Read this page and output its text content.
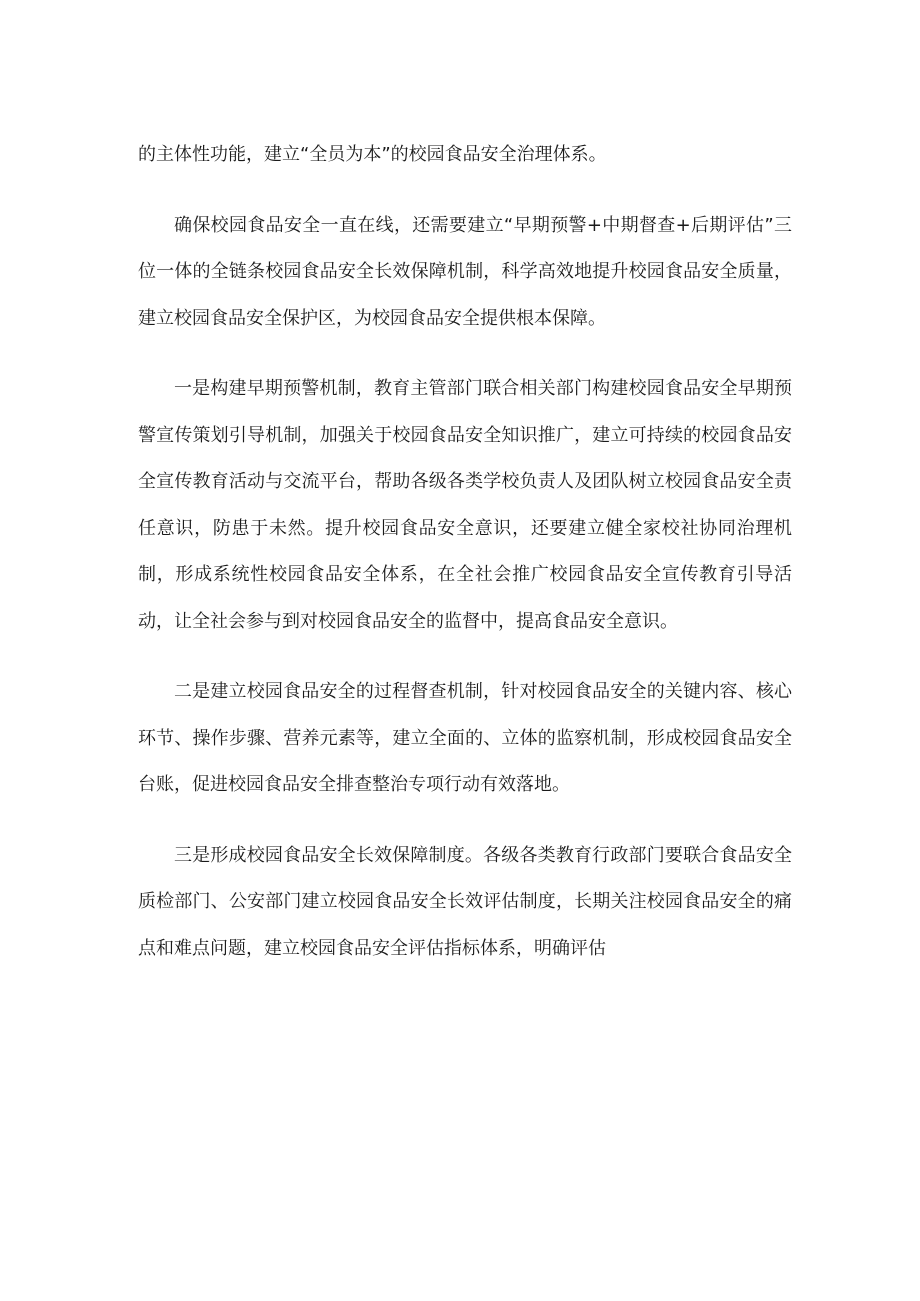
的主体性功能，建立“全员为本”的校园食品安全治理体系。

确保校园食品安全一直在线，还需要建立“早期预警+中期督查+后期评估”三位一体的全链条校园食品安全长效保障机制，科学高效地提升校园食品安全质量，建立校园食品安全保护区，为校园食品安全提供根本保障。

一是构建早期预警机制，教育主管部门联合相关部门构建校园食品安全早期预警宣传策划引导机制，加强关于校园食品安全知识推广，建立可持续的校园食品安全宣传教育活动与交流平台，帮助各级各类学校负责人及团队树立校园食品安全责任意识，防患于未然。提升校园食品安全意识，还要建立健全家校社协同治理机制，形成系统性校园食品安全体系，在全社会推广校园食品安全宣传教育引导活动，让全社会参与到对校园食品安全的监督中，提高食品安全意识。

二是建立校园食品安全的过程督查机制，针对校园食品安全的关键内容、核心环节、操作步骤、营养元素等，建立全面的、立体的监察机制，形成校园食品安全台账，促进校园食品安全排查整治专项行动有效落地。

三是形成校园食品安全长效保障制度。各级各类教育行政部门要联合食品安全质检部门、公安部门建立校园食品安全长效评估制度，长期关注校园食品安全的痛点和难点问题，建立校园食品安全评估指标体系，明确评估
